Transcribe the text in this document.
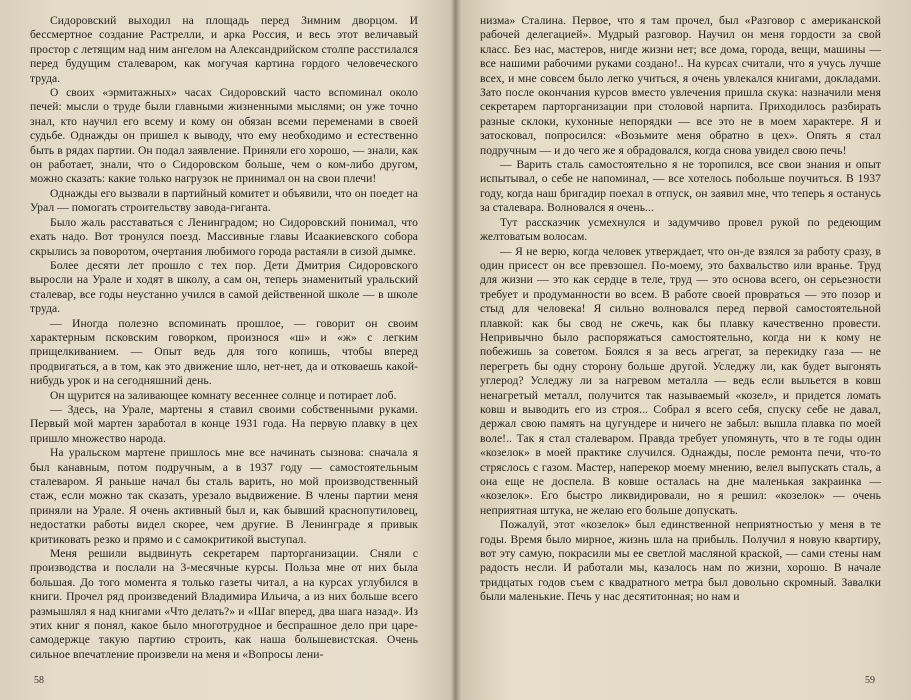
Сидоровский выходил на площадь перед Зимним дворцом. И бессмертное создание Растрелли, и арка Россия, и весь этот величавый простор с летящим над ним ангелом на Александрийском столпе расстилался перед будущим сталеваром, как могучая картина гордого человеческого труда.

О своих «эрмитажных» часах Сидоровский часто вспоминал около печей: мысли о труде были главными жизненными мыслями; он уже точно знал, кто научил его всему и кому он обязан всеми переменами в своей судьбе. Однажды он пришел к выводу, что ему необходимо и естественно быть в рядах партии. Он подал заявление. Приняли его хорошо, — знали, как он работает, знали, что о Сидоровском больше, чем о ком-либо другом, можно сказать: какие только нагрузок не принимал он на свои плечи!

Однажды его вызвали в партийный комитет и объявили, что он поедет на Урал — помогать строительству завода-гиганта.

Было жаль расставаться с Ленинградом; но Сидоровский понимал, что ехать надо. Вот тронулся поезд. Массивные главы Исаакиевского собора скрылись за поворотом, очертания любимого города растаяли в сизой дымке.

Более десяти лет прошло с тех пор. Дети Дмитрия Сидоровского выросли на Урале и ходят в школу, а сам он, теперь знаменитый уральский сталевар, все годы неустанно учился в самой действенной школе — в школе труда.

— Иногда полезно вспоминать прошлое, — говорит он своим характерным псковским говорком, произнося «ш» и «ж» с легким прищелкиванием. — Опыт ведь для того копишь, чтобы вперед продвигаться, а в том, как это движение шло, нет-нет, да и отковаешь какой-нибудь урок и на сегодняшний день.

Он щурится на заливающее комнату весеннее солнце и потирает лоб.

— Здесь, на Урале, мартены я ставил своими собственными руками. Первый мой мартен заработал в конце 1931 года. На первую плавку в цех пришло множество народа.

На уральском мартене пришлось мне все начинать сызнова: сначала я был канавным, потом подручным, а в 1937 году — самостоятельным сталеваром. Я раньше начал бы сталь варить, но мой производственный стаж, если можно так сказать, урезало выдвижение. В члены партии меня приняли на Урале. Я очень активный был и, как бывший краснопутиловец, недостатки работы видел скорее, чем другие. В Ленинграде я привык критиковать резко и прямо и с самокритикой выступал.

Меня решили выдвинуть секретарем парторганизации. Сняли с производства и послали на 3-месячные курсы. Польза мне от них была большая. До того момента я только газеты читал, а на курсах углубился в книги. Прочел ряд произведений Владимира Ильича, а из них больше всего размышлял я над книгами «Что делать?» и «Шаг вперед, два шага назад». Из этих книг я понял, какое было многотрудное и беспрашное дело при царе-самодержце такую партию строить, как наша большевистская. Очень сильное впечатление произвели на меня и «Вопросы лени-

58

низма» Сталина. Первое, что я там прочел, был «Разговор с американской рабочей делегацией». Мудрый разговор. Научил он меня гордости за свой класс. Без нас, мастеров, нигде жизни нет; все дома, города, вещи, машины — все нашими рабочими руками создано!.. На курсах считали, что я учусь лучше всех, и мне совсем было легко учиться, я очень увлекался книгами, докладами. Зато после окончания курсов вместо увлечения пришла скука: назначили меня секретарем парторганизации при столовой нарпита. Приходилось разбирать разные склоки, кухонные непорядки — все это не в моем характере. Я и затосковал, попросился: «Возьмите меня обратно в цех». Опять я стал подручным — и до чего же я обрадовался, когда снова увидел свою печь!

— Варить сталь самостоятельно я не торопился, все свои знания и опыт испытывал, о себе не напоминал, — все хотелось побольше поучиться. В 1937 году, когда наш бригадир поехал в отпуск, он заявил мне, что теперь я останусь за сталевара. Волновался я очень...

Тут рассказчик усмехнулся и задумчиво провел рукой по редеющим желтоватым волосам.

— Я не верю, когда человек утверждает, что он-де взялся за работу сразу, в один присест он все превзошел. По-моему, это бахвальство или вранье. Труд для жизни — это как сердце в теле, труд — это основа всего, он серьезности требует и продуманности во всем. В работе своей провраться — это позор и стыд для человека! Я сильно волновался перед первой самостоятельной плавкой: как бы свод не сжечь, как бы плавку качественно провести. Непривычно было распоряжаться самостоятельно, когда ни к кому не побежишь за советом. Боялся я за весь агрегат, за перекидку газа — не перегреть бы одну сторону больше другой. Уследжу ли, как будет выгонять углерод? Уследжу ли за нагревом металла — ведь если выльется в ковш ненагретый металл, получится так называемый «козел», и придется ломать ковш и выводить его из строя... Собрал я всего себя, спуску себе не давал, держал свою память на цугундере и ничего не забыл: вышла плавка по моей воле!.. Так я стал сталеваром. Правда требует упомянуть, что в те годы один «козелок» в моей практике случился. Однажды, после ремонта печи, что-то стряслось с газом. Мастер, наперекор моему мнению, велел выпускать сталь, а она еще не доспела. В ковше осталась на дне маленькая закраинка — «козелок». Его быстро ликвидировали, но я решил: «козелок» — очень неприятная штука, не желаю его больше допускать.

Пожалуй, этот «козелок» был единственной неприятностью у меня в те годы. Время было мирное, жизнь шла на прибыль. Получил я новую квартиру, вот эту самую, покрасили мы ее светлой масляной краской, — сами стены нам радость несли. И работали мы, казалось нам по жизни, хорошо. В начале тридцатых годов съем с квадратного метра был довольно скромный. Завалки были маленькие. Печь у нас десятитонная; но нам и

59
